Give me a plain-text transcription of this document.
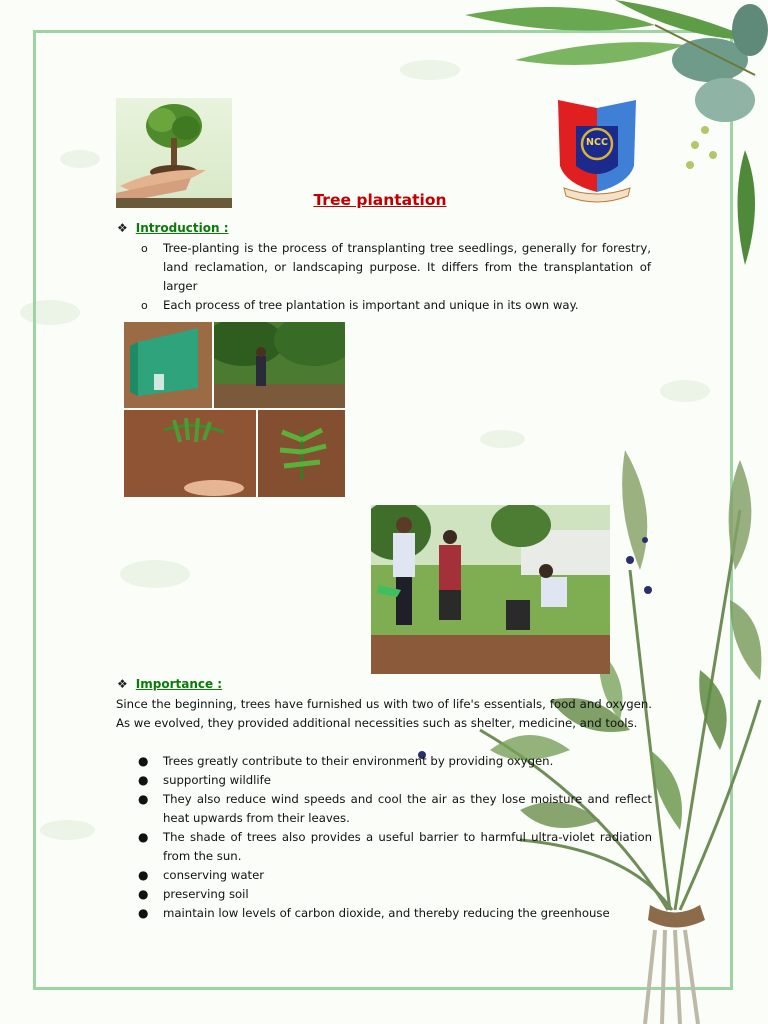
NCC
Tree plantation
❖ Introduction :
o Tree-planting is the process of transplanting tree seedlings, generally for forestry, land reclamation, or landscaping purpose. It differs from the transplantation of larger
o Each process of tree plantation is important and unique in its own way.
❖ Importance :
Since the beginning, trees have furnished us with two of life's essentials, food and oxygen. As we evolved, they provided additional necessities such as shelter, medicine, and tools.
● Trees greatly contribute to their environment by providing oxygen.
● supporting wildlife
● They also reduce wind speeds and cool the air as they lose moisture and reflect heat upwards from their leaves.
● The shade of trees also provides a useful barrier to harmful ultra-violet radiation from the sun.
● conserving water
● preserving soil
● maintain low levels of carbon dioxide, and thereby reducing the greenhouse
